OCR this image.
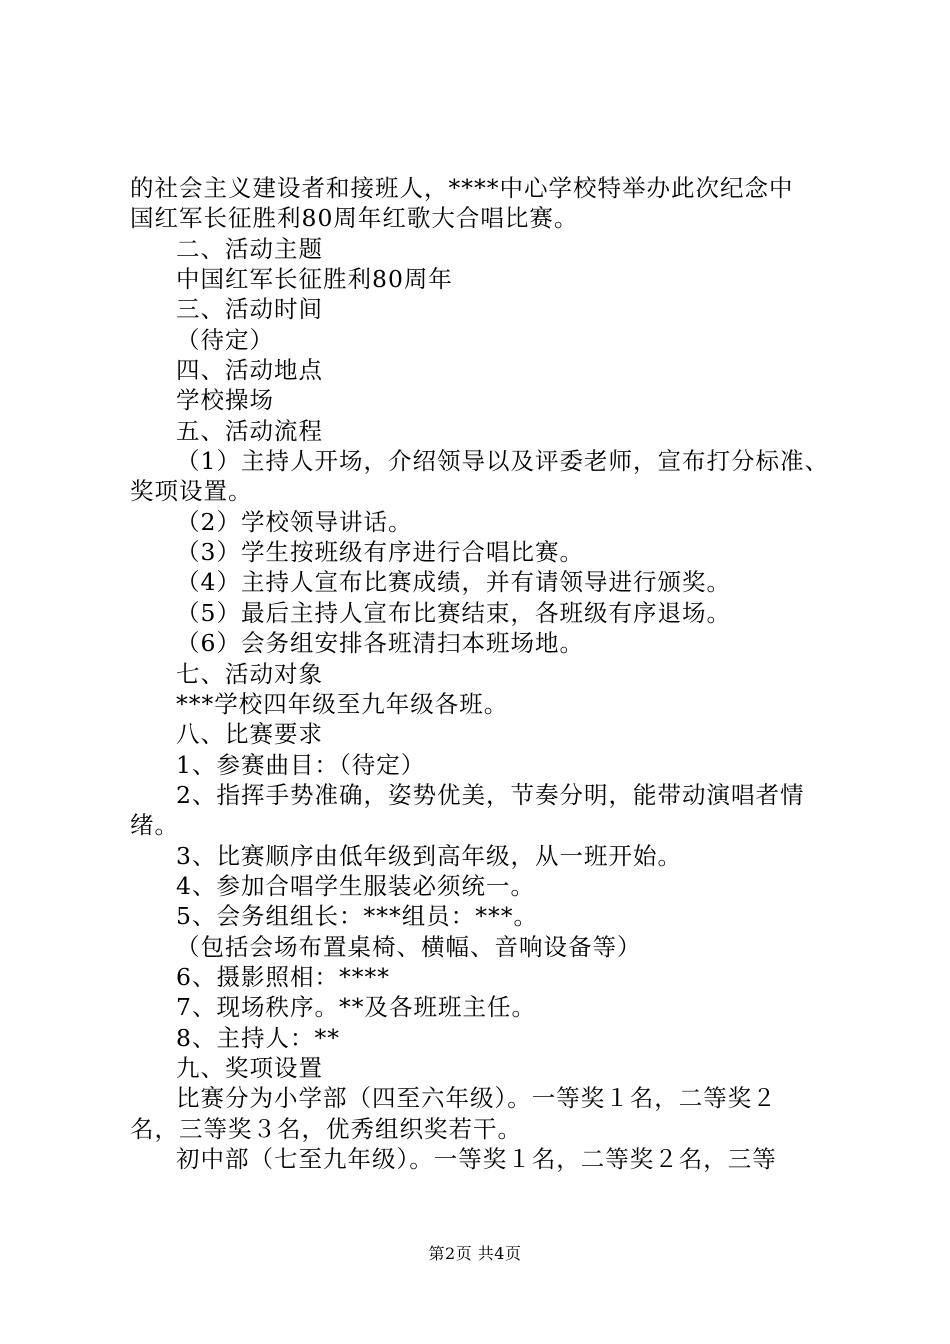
的社会主义建设者和接班人，****中心学校特举办此次纪念中
国红军长征胜利80周年红歌大合唱比赛。
二、活动主题
中国红军长征胜利80周年
三、活动时间
（待定）
四、活动地点
学校操场
五、活动流程
（1）主持人开场，介绍领导以及评委老师，宣布打分标准、
奖项设置。
（2）学校领导讲话。
（3）学生按班级有序进行合唱比赛。
（4）主持人宣布比赛成绩，并有请领导进行颁奖。
（5）最后主持人宣布比赛结束，各班级有序退场。
（6）会务组安排各班清扫本班场地。
七、活动对象
***学校四年级至九年级各班。
八、比赛要求
1、参赛曲目：（待定）
2、指挥手势准确，姿势优美，节奏分明，能带动演唱者情
绪。
3、比赛顺序由低年级到高年级，从一班开始。
4、参加合唱学生服装必须统一。
5、会务组组长：***组员：***。
（包括会场布置桌椅、横幅、音响设备等）
6、摄影照相：****
7、现场秩序。**及各班班主任。
8、主持人：**
九、奖项设置
比赛分为小学部（四至六年级）。一等奖１名，二等奖２
名，三等奖３名，优秀组织奖若干。
初中部（七至九年级）。一等奖１名，二等奖２名，三等
第2页 共4页
